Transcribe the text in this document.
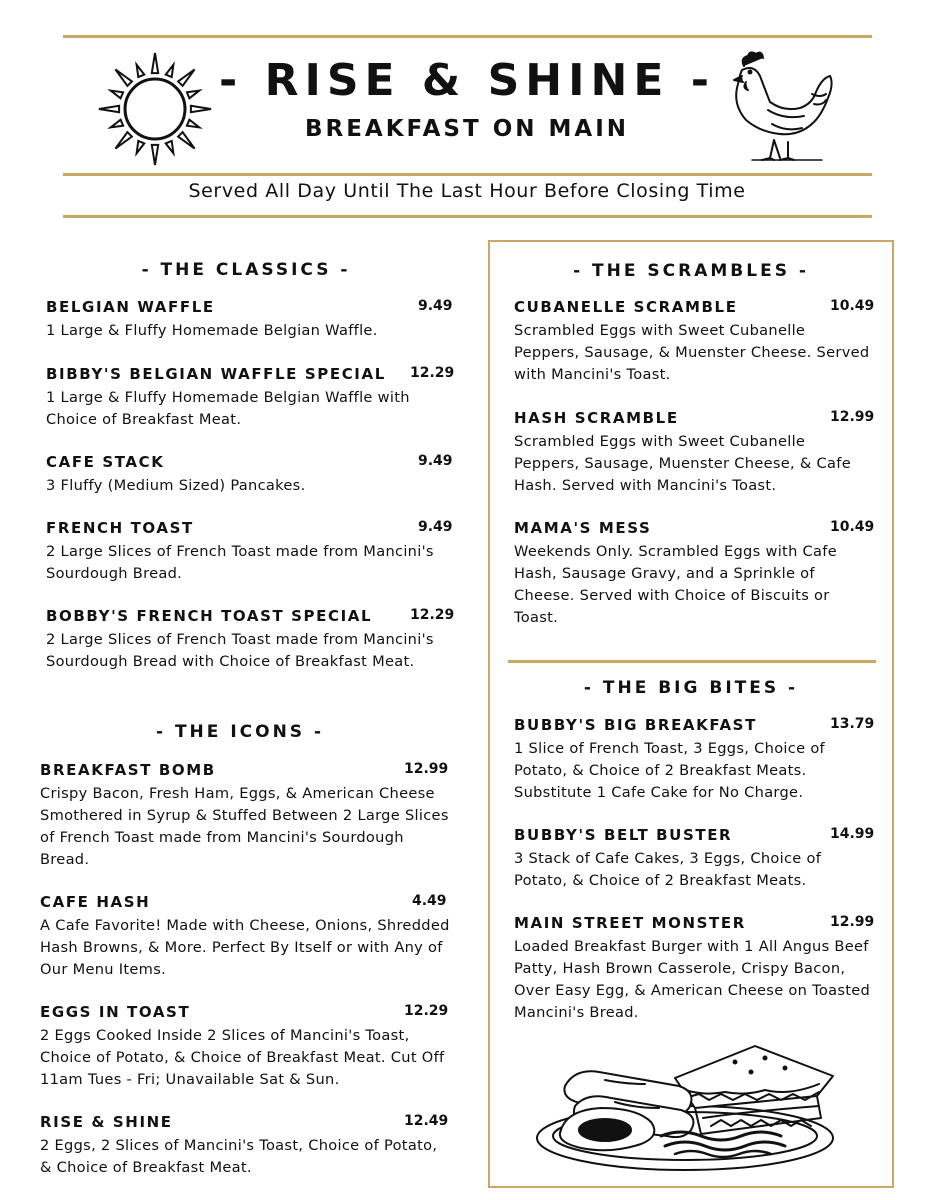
- RISE & SHINE -
BREAKFAST ON MAIN
Served All Day Until The Last Hour Before Closing Time
- THE CLASSICS -
BELGIAN WAFFLE	9.49
1 Large & Fluffy Homemade Belgian Waffle.
BIBBY'S BELGIAN WAFFLE SPECIAL	12.29
1 Large & Fluffy Homemade Belgian Waffle with Choice of Breakfast Meat.
CAFE STACK	9.49
3 Fluffy (Medium Sized) Pancakes.
FRENCH TOAST	9.49
2 Large Slices of French Toast made from Mancini's Sourdough Bread.
BOBBY'S FRENCH TOAST SPECIAL	12.29
2 Large Slices of French Toast made from Mancini's Sourdough Bread with Choice of Breakfast Meat.
- THE ICONS -
BREAKFAST BOMB	12.99
Crispy Bacon, Fresh Ham, Eggs, & American Cheese Smothered in Syrup & Stuffed Between 2 Large Slices of French Toast made from Mancini's Sourdough Bread.
CAFE HASH	4.49
A Cafe Favorite! Made with Cheese, Onions, Shredded Hash Browns, & More. Perfect By Itself or with Any of Our Menu Items.
EGGS IN TOAST	12.29
2 Eggs Cooked Inside 2 Slices of Mancini's Toast, Choice of Potato, & Choice of Breakfast Meat. Cut Off 11am Tues - Fri; Unavailable Sat & Sun.
RISE & SHINE	12.49
2 Eggs, 2 Slices of Mancini's Toast, Choice of Potato, & Choice of Breakfast Meat.
- THE SCRAMBLES -
CUBANELLE SCRAMBLE	10.49
Scrambled Eggs with Sweet Cubanelle Peppers, Sausage, & Muenster Cheese. Served with Mancini's Toast.
HASH SCRAMBLE	12.99
Scrambled Eggs with Sweet Cubanelle Peppers, Sausage, Muenster Cheese, & Cafe Hash. Served with Mancini's Toast.
MAMA'S MESS	10.49
Weekends Only. Scrambled Eggs with Cafe Hash, Sausage Gravy, and a Sprinkle of Cheese. Served with Choice of Biscuits or Toast.
- THE BIG BITES -
BUBBY'S BIG BREAKFAST	13.79
1 Slice of French Toast, 3 Eggs, Choice of Potato, & Choice of 2 Breakfast Meats. Substitute 1 Cafe Cake for No Charge.
BUBBY'S BELT BUSTER	14.99
3 Stack of Cafe Cakes, 3 Eggs, Choice of Potato, & Choice of 2 Breakfast Meats.
MAIN STREET MONSTER	12.99
Loaded Breakfast Burger with 1 All Angus Beef Patty, Hash Brown Casserole, Crispy Bacon, Over Easy Egg, & American Cheese on Toasted Mancini's Bread.
